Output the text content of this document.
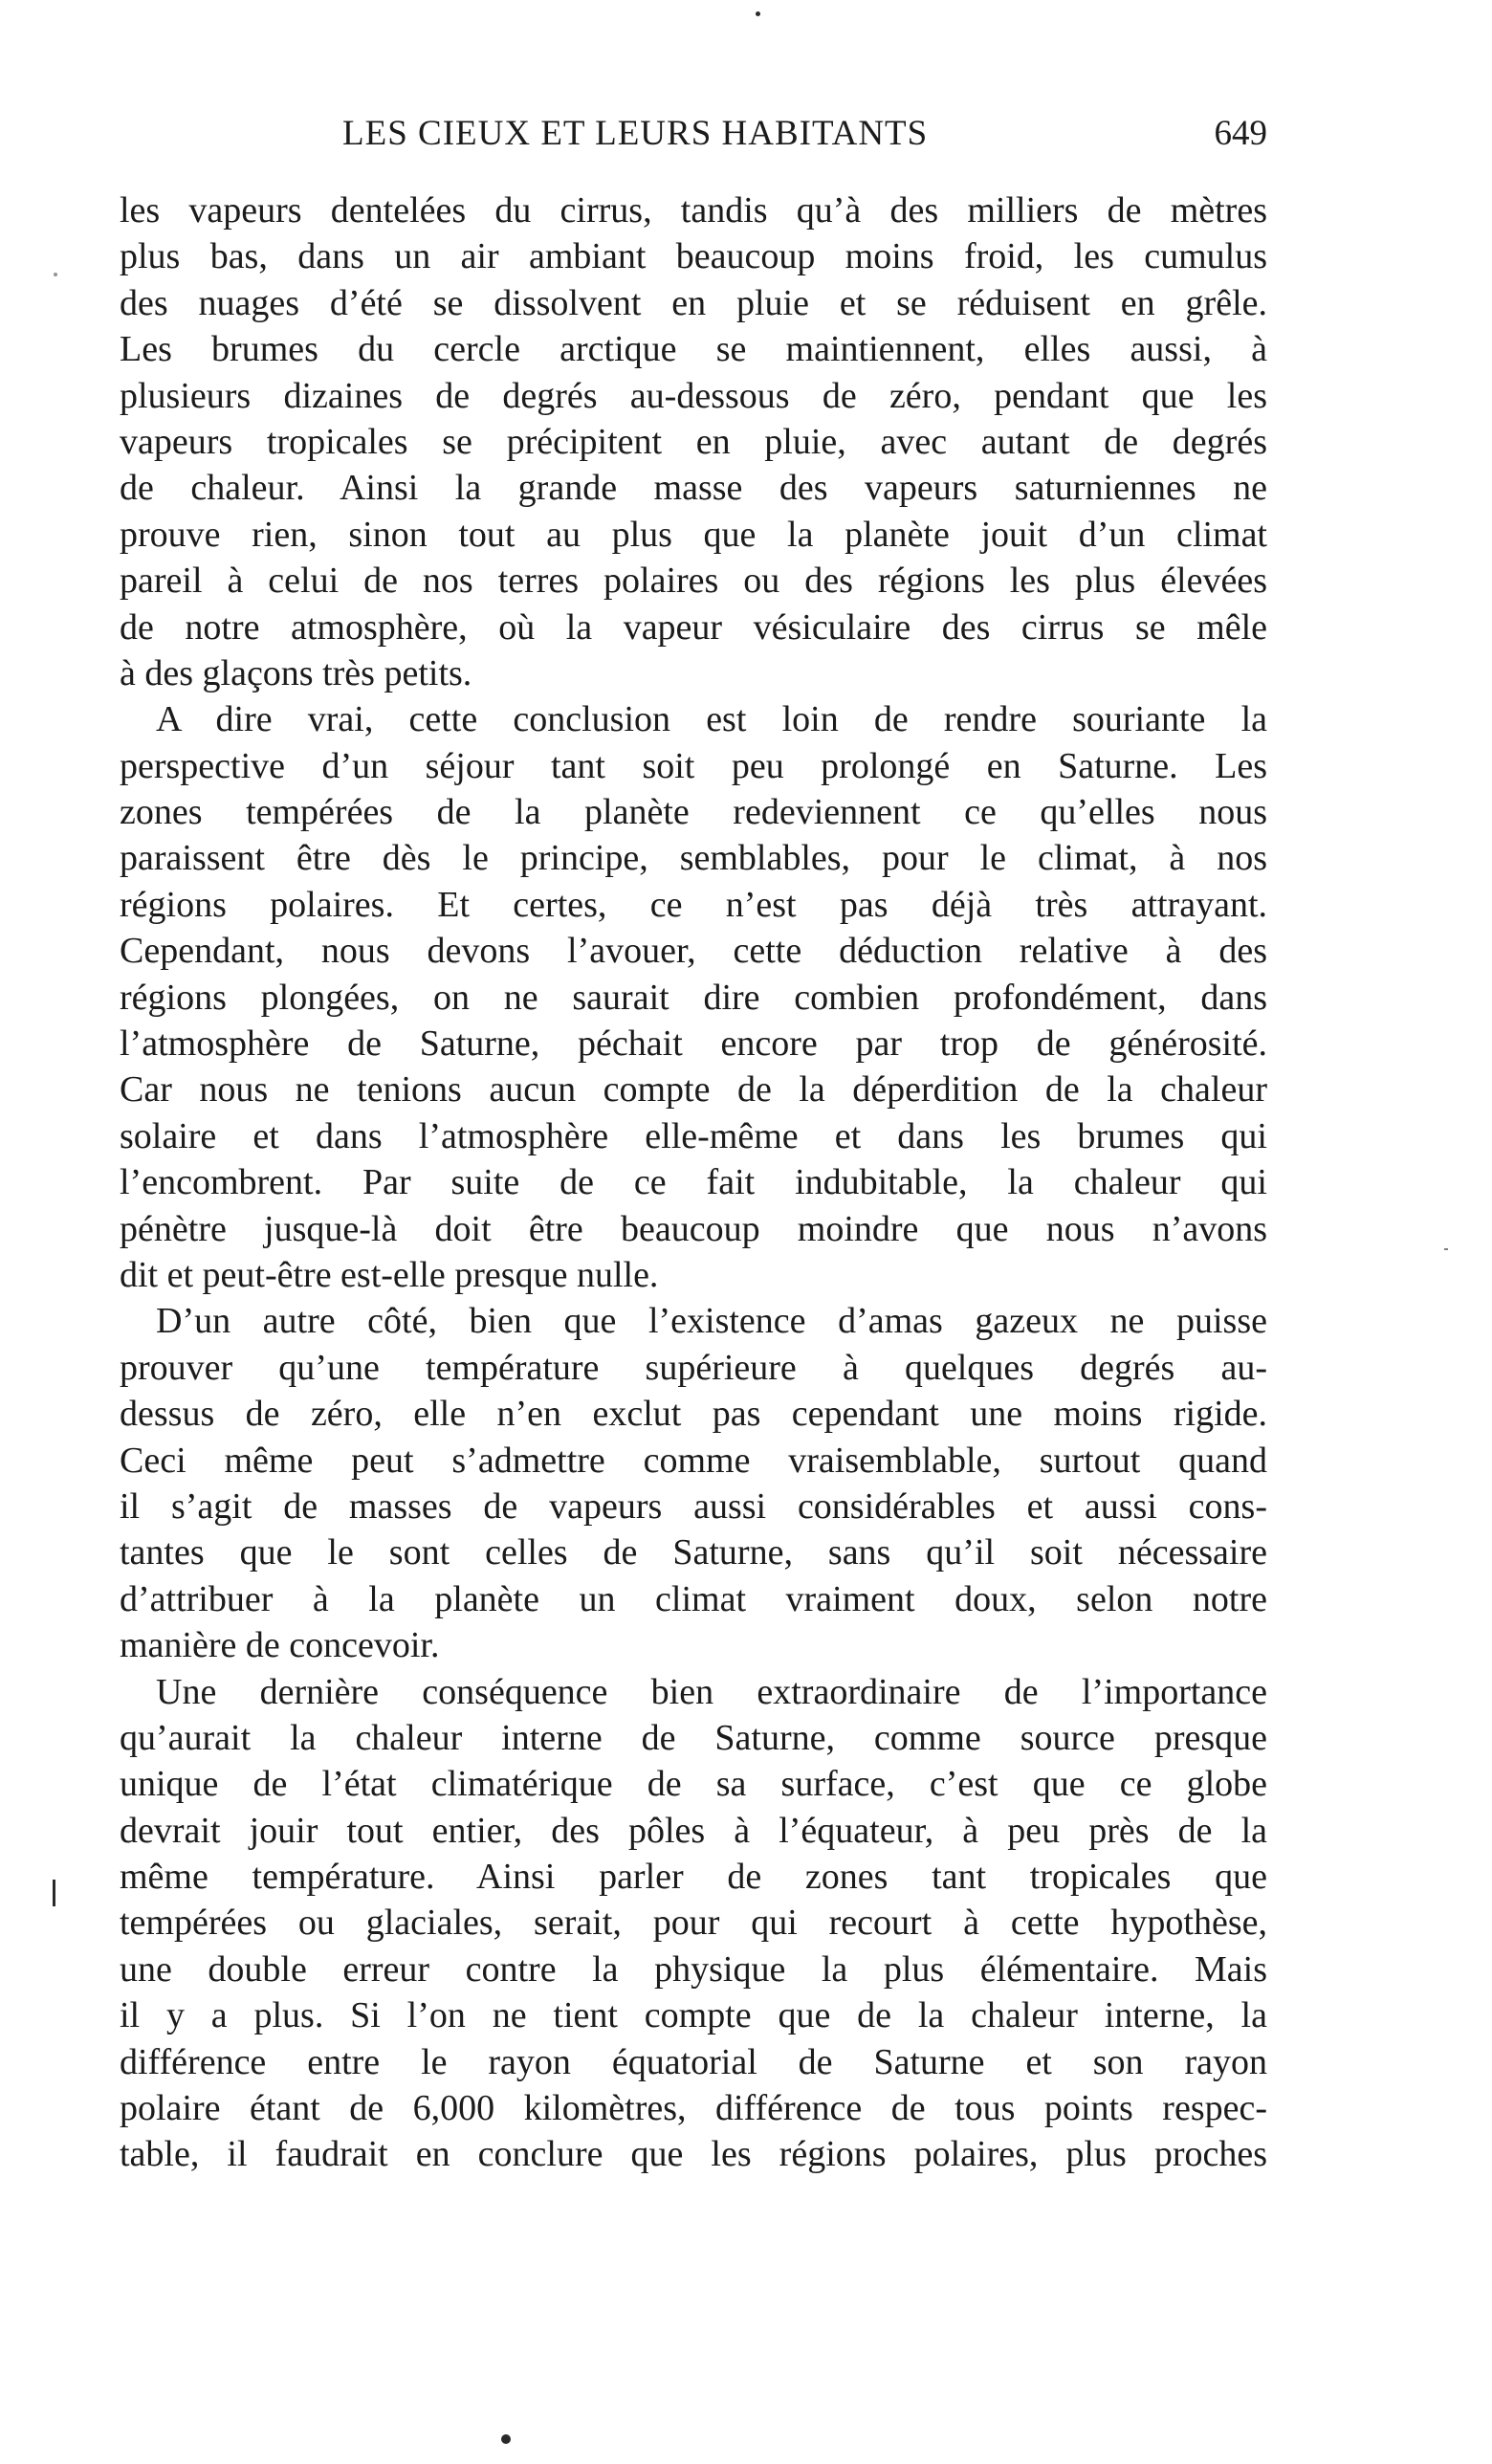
LES CIEUX ET LEURS HABITANTS	649
les vapeurs dentelées du cirrus, tandis qu’à des milliers de mètres
plus bas, dans un air ambiant beaucoup moins froid, les cumulus
des nuages d’été se dissolvent en pluie et se réduisent en grêle.
Les brumes du cercle arctique se maintiennent, elles aussi, à
plusieurs dizaines de degrés au-dessous de zéro, pendant que les
vapeurs tropicales se précipitent en pluie, avec autant de degrés
de chaleur. Ainsi la grande masse des vapeurs saturniennes ne
prouve rien, sinon tout au plus que la planète jouit d’un climat
pareil à celui de nos terres polaires ou des régions les plus élevées
de notre atmosphère, où la vapeur vésiculaire des cirrus se mêle
à des glaçons très petits.
A dire vrai, cette conclusion est loin de rendre souriante la
perspective d’un séjour tant soit peu prolongé en Saturne. Les
zones tempérées de la planète redeviennent ce qu’elles nous
paraissent être dès le principe, semblables, pour le climat, à nos
régions polaires. Et certes, ce n’est pas déjà très attrayant.
Cependant, nous devons l’avouer, cette déduction relative à des
régions plongées, on ne saurait dire combien profondément, dans
l’atmosphère de Saturne, péchait encore par trop de générosité.
Car nous ne tenions aucun compte de la déperdition de la chaleur
solaire et dans l’atmosphère elle-même et dans les brumes qui
l’encombrent. Par suite de ce fait indubitable, la chaleur qui
pénètre jusque-là doit être beaucoup moindre que nous n’avons
dit et peut-être est-elle presque nulle.
D’un autre côté, bien que l’existence d’amas gazeux ne puisse
prouver qu’une température supérieure à quelques degrés au-
dessus de zéro, elle n’en exclut pas cependant une moins rigide.
Ceci même peut s’admettre comme vraisemblable, surtout quand
il s’agit de masses de vapeurs aussi considérables et aussi cons-
tantes que le sont celles de Saturne, sans qu’il soit nécessaire
d’attribuer à la planète un climat vraiment doux, selon notre
manière de concevoir.
Une dernière conséquence bien extraordinaire de l’importance
qu’aurait la chaleur interne de Saturne, comme source presque
unique de l’état climatérique de sa surface, c’est que ce globe
devrait jouir tout entier, des pôles à l’équateur, à peu près de la
même température. Ainsi parler de zones tant tropicales que
tempérées ou glaciales, serait, pour qui recourt à cette hypothèse,
une double erreur contre la physique la plus élémentaire. Mais
il y a plus. Si l’on ne tient compte que de la chaleur interne, la
différence entre le rayon équatorial de Saturne et son rayon
polaire étant de 6,000 kilomètres, différence de tous points respec-
table, il faudrait en conclure que les régions polaires, plus proches
